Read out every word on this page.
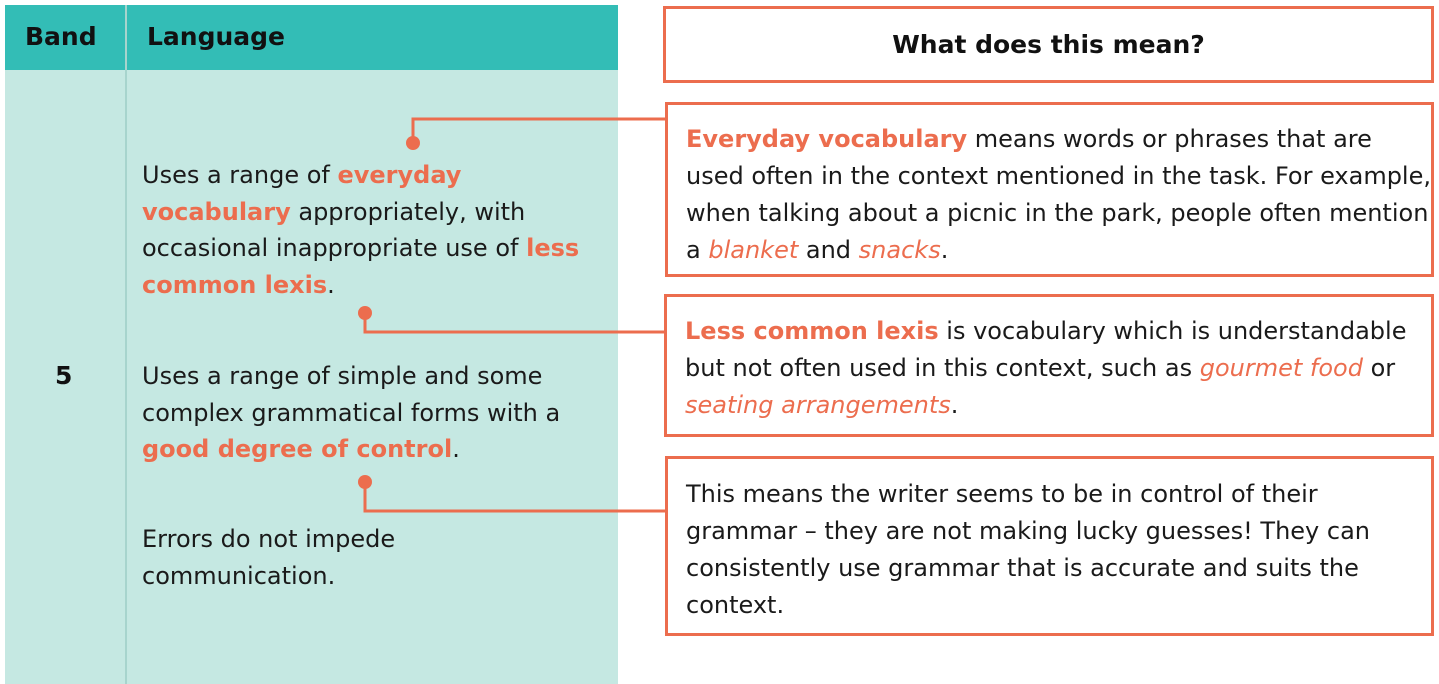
Band Language
5
Uses a range of everyday vocabulary appropriately, with occasional inappropriate use of less common lexis.
Uses a range of simple and some complex grammatical forms with a good degree of control.
Errors do not impede communication.
What does this mean?
Everyday vocabulary means words or phrases that are used often in the context mentioned in the task. For example, when talking about a picnic in the park, people often mention a blanket and snacks.
Less common lexis is vocabulary which is understandable but not often used in this context, such as gourmet food or seating arrangements.
This means the writer seems to be in control of their grammar – they are not making lucky guesses! They can consistently use grammar that is accurate and suits the context.
